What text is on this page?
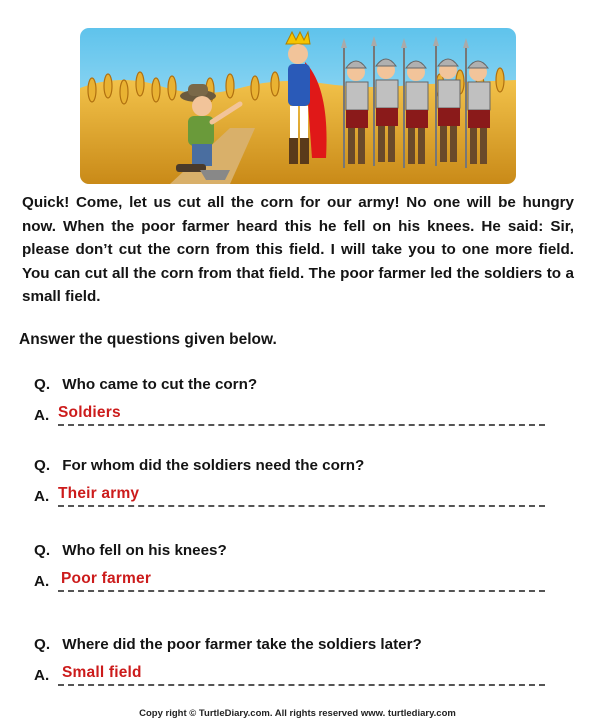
Quick! Come, let us cut all the corn for our army! No one will be hungry now. When the poor farmer heard this he fell on his knees. He said: Sir, please don’t cut the corn from this field. I will take you to one more field. You can cut all the corn from that field. The poor farmer led the soldiers to a small field.
Answer the questions given below.
Q. Who came to cut the corn?
A. Soldiers
Q. For whom did the soldiers need the corn?
A. Their army
Q. Who fell on his knees?
A. Poor farmer
Q. Where did the poor farmer take the soldiers later?
A. Small field
Copy right © TurtleDiary.com. All rights reserved www. turtlediary.com
